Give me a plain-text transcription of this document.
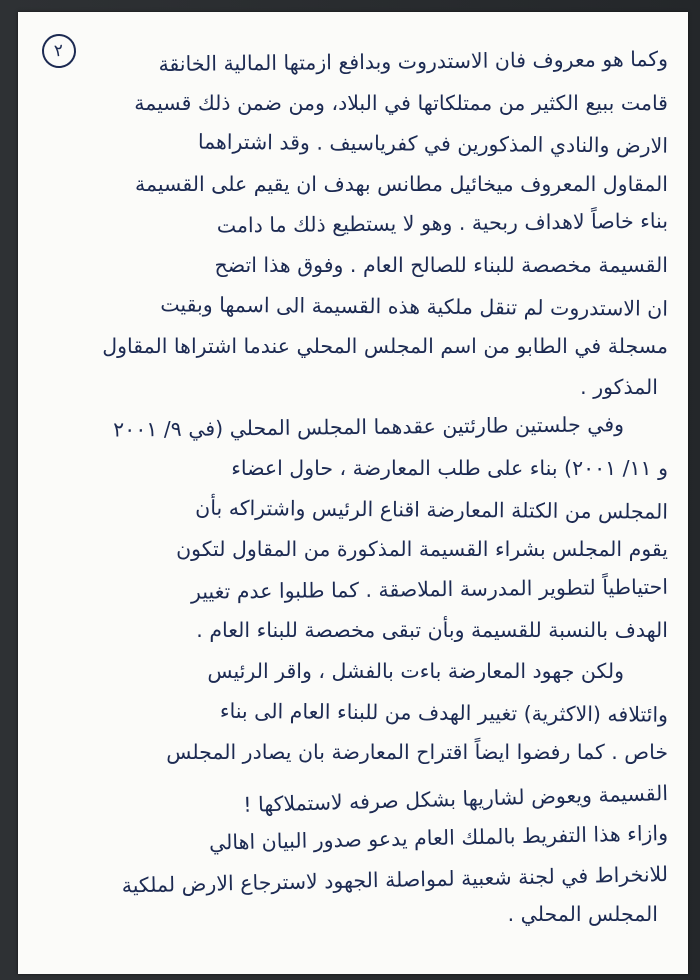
٢	وكما هو معروف فان الاستدروت وبدافع ازمتها المالية الخانقة
قامت ببيع الكثير من ممتلكاتها في البلاد، ومن ضمن ذلك قسيمة
الارض والنادي المذكورين في كفرياسيف . وقد اشتراهما
المقاول المعروف ميخائيل مطانس بهدف ان يقيم على القسيمة
بناء خاصاً لاهداف ربحية . وهو لا يستطيع ذلك ما دامت
القسيمة مخصصة للبناء للصالح العام . وفوق هذا اتضح
ان الاستدروت لم تنقل ملكية هذه القسيمة الى اسمها وبقيت
مسجلة في الطابو من اسم المجلس المحلي عندما اشتراها المقاول
المذكور .
وفي جلستين طارئتين عقدهما المجلس المحلي (في ٩/ ٢٠٠١
و ١١/ ٢٠٠١) بناء على طلب المعارضة ، حاول اعضاء
المجلس من الكتلة المعارضة اقناع الرئيس واشتراكه بأن
يقوم المجلس بشراء القسيمة المذكورة من المقاول لتكون
احتياطياً لتطوير المدرسة الملاصقة . كما طلبوا عدم تغيير
الهدف بالنسبة للقسيمة وبأن تبقى مخصصة للبناء العام .
ولكن جهود المعارضة باءت بالفشل ، واقر الرئيس
وائتلافه (الاكثرية) تغيير الهدف من للبناء العام الى بناء
خاص . كما رفضوا ايضاً اقتراح المعارضة بان يصادر المجلس
القسيمة ويعوض لشاريها بشكل صرفه لاستملاكها !
وازاء هذا التفريط بالملك العام يدعو صدور البيان اهالي
للانخراط في لجنة شعبية لمواصلة الجهود لاسترجاع الارض لملكية
المجلس المحلي .
